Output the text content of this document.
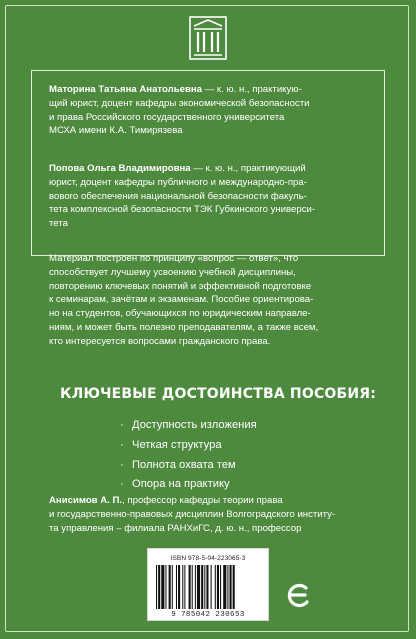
Маторина Татьяна Анатольевна — к. ю. н., практикую-
щий юрист, доцент кафедры экономической безопасности
и права Российского государственного университета
МСХА имени К.А. Тимирязева

Попова Ольга Владимировна — к. ю. н., практикующий
юрист, доцент кафедры публичного и международно-пра-
вового обеспечения национальной безопасности факуль-
тета комплексной безопасности ТЭК Губкинского универси-
тета

Материал построен по принципу «вопрос — ответ», что
способствует лучшему усвоению учебной дисциплины,
повторению ключевых понятий и эффективной подготовке
к семинарам, зачётам и экзаменам. Пособие ориентирова-
но на студентов, обучающихся по юридическим направле-
ниям, и может быть полезно преподавателям, а также всем,
кто интересуется вопросами гражданского права.

КЛЮЧЕВЫЕ ДОСТОИНСТВА ПОСОБИЯ:
· Доступность изложения
· Четкая структура
· Полнота охвата тем
· Опора на практику

Анисимов А. П., профессор кафедры теории права
и государственно-правовых дисциплин Волгоградского институ-
та управления – филиала РАНХиГС, д. ю. н., профессор

ISBN 978-5-04-223065-3
9 785042 230653
